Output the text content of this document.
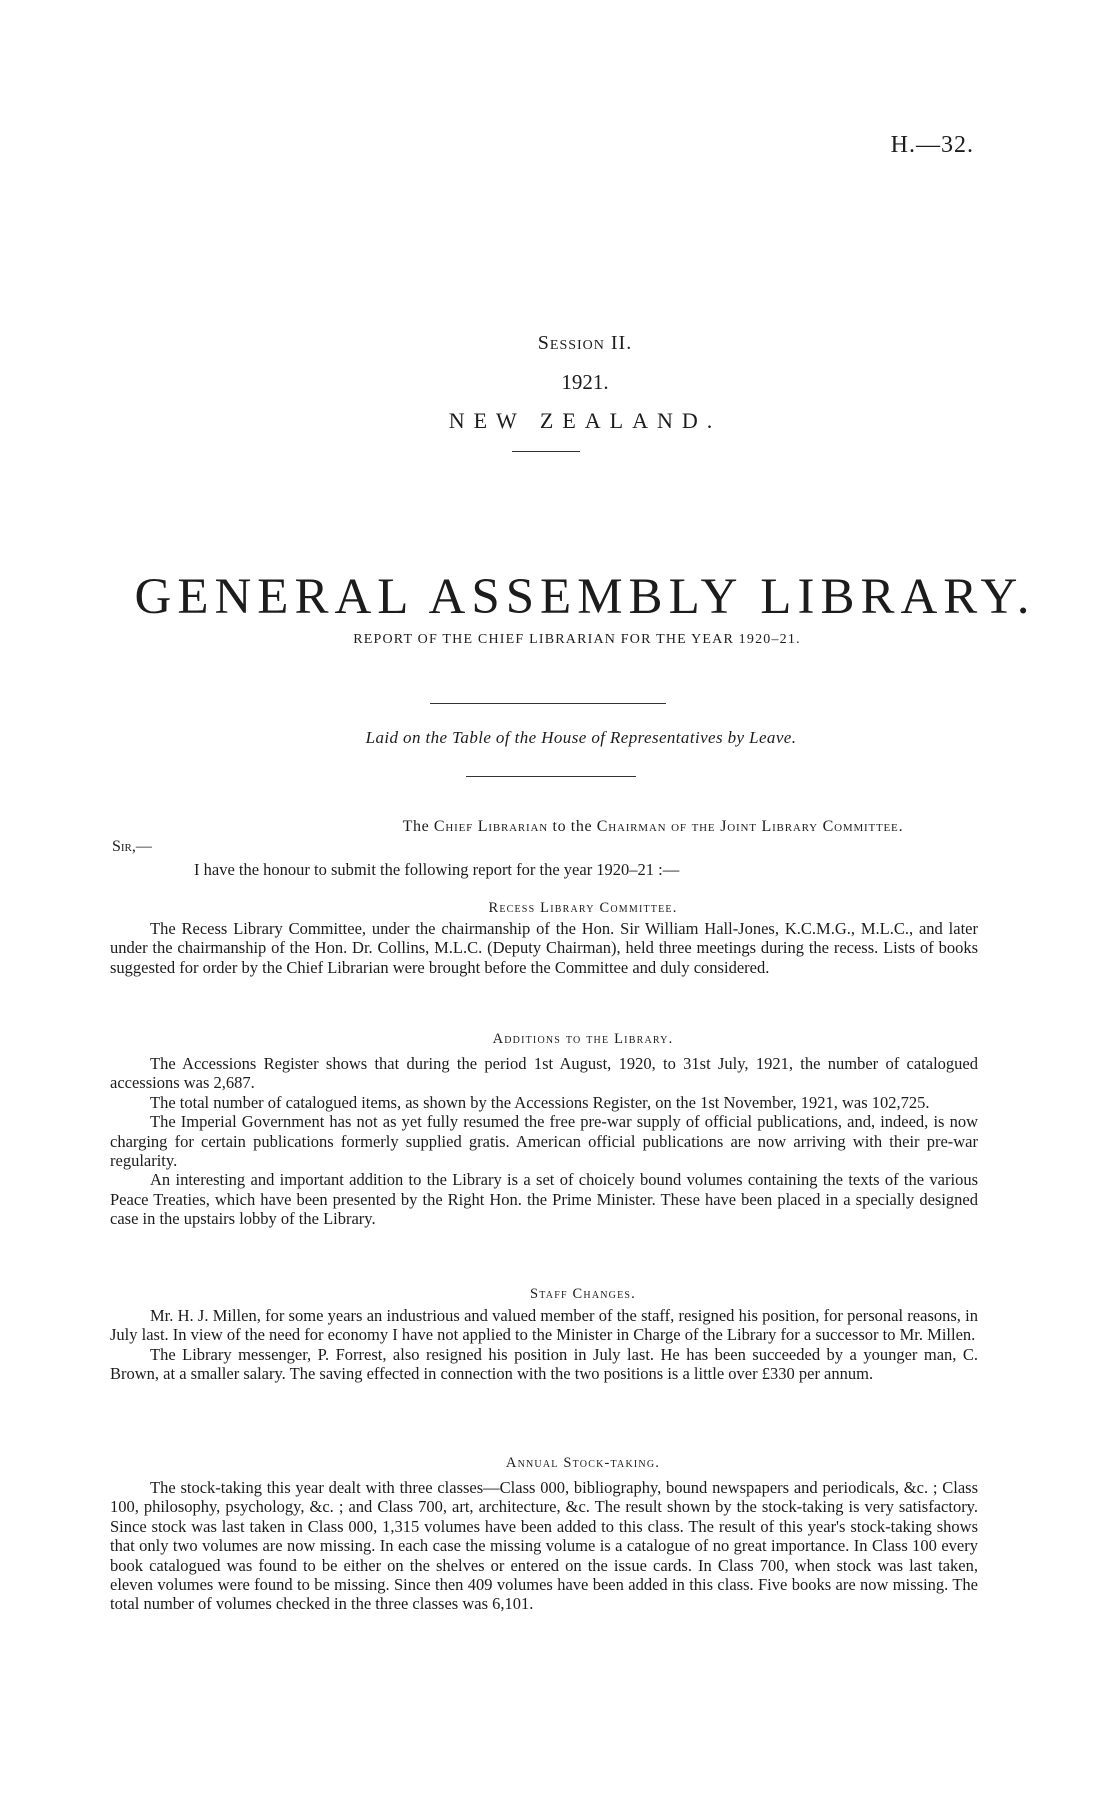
H.—32.
Session II.
1921.
NEW ZEALAND.
GENERAL ASSEMBLY LIBRARY.
REPORT OF THE CHIEF LIBRARIAN FOR THE YEAR 1920–21.
Laid on the Table of the House of Representatives by Leave.
The Chief Librarian to the Chairman of the Joint Library Committee.
Sir,—
I have the honour to submit the following report for the year 1920–21 :—
Recess Library Committee.

The Recess Library Committee, under the chairmanship of the Hon. Sir William Hall-Jones, K.C.M.G., M.L.C., and later under the chairmanship of the Hon. Dr. Collins, M.L.C. (Deputy Chairman), held three meetings during the recess. Lists of books suggested for order by the Chief Librarian were brought before the Committee and duly considered.

Additions to the Library.

The Accessions Register shows that during the period 1st August, 1920, to 31st July, 1921, the number of catalogued accessions was 2,687.

The total number of catalogued items, as shown by the Accessions Register, on the 1st November, 1921, was 102,725.

The Imperial Government has not as yet fully resumed the free pre-war supply of official publications, and, indeed, is now charging for certain publications formerly supplied gratis. American official publications are now arriving with their pre-war regularity.

An interesting and important addition to the Library is a set of choicely bound volumes containing the texts of the various Peace Treaties, which have been presented by the Right Hon. the Prime Minister. These have been placed in a specially designed case in the upstairs lobby of the Library.

Staff Changes.

Mr. H. J. Millen, for some years an industrious and valued member of the staff, resigned his position, for personal reasons, in July last. In view of the need for economy I have not applied to the Minister in Charge of the Library for a successor to Mr. Millen.

The Library messenger, P. Forrest, also resigned his position in July last. He has been succeeded by a younger man, C. Brown, at a smaller salary. The saving effected in connection with the two positions is a little over £330 per annum.

Annual Stock-taking.

The stock-taking this year dealt with three classes—Class 000, bibliography, bound newspapers and periodicals, &c. ; Class 100, philosophy, psychology, &c. ; and Class 700, art, architecture, &c. The result shown by the stock-taking is very satisfactory. Since stock was last taken in Class 000, 1,315 volumes have been added to this class. The result of this year's stock-taking shows that only two volumes are now missing. In each case the missing volume is a catalogue of no great importance. In Class 100 every book catalogued was found to be either on the shelves or entered on the issue cards. In Class 700, when stock was last taken, eleven volumes were found to be missing. Since then 409 volumes have been added in this class. Five books are now missing. The total number of volumes checked in the three classes was 6,101.
